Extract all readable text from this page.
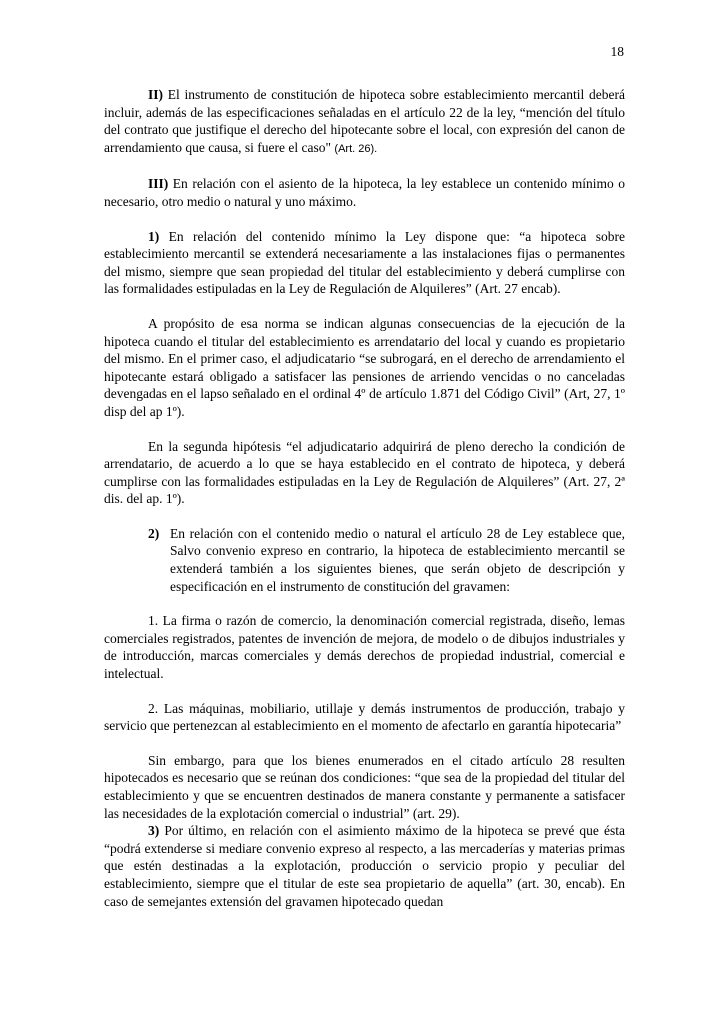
18

II) El instrumento de constitución de hipoteca sobre establecimiento mercantil deberá incluir, además de las especificaciones señaladas en el artículo 22 de la ley, “mención del título del contrato que justifique el derecho del hipotecante sobre el local, con expresión del canon de arrendamiento que causa, si fuere el caso" (Art. 26).

III) En relación con el asiento de la hipoteca, la ley establece un contenido mínimo o necesario, otro medio o natural y uno máximo.

1) En relación del contenido mínimo la Ley dispone que: “a hipoteca sobre establecimiento mercantil se extenderá necesariamente a las instalaciones fijas o permanentes del mismo, siempre que sean propiedad del titular del establecimiento y deberá cumplirse con las formalidades estipuladas en la Ley de Regulación de Alquileres” (Art. 27 encab).

A propósito de esa norma se indican algunas consecuencias de la ejecución de la hipoteca cuando el titular del establecimiento es arrendatario del local y cuando es propietario del mismo. En el primer caso, el adjudicatario “se subrogará, en el derecho de arrendamiento el hipotecante estará obligado a satisfacer las pensiones de arriendo vencidas o no canceladas devengadas en el lapso señalado en el ordinal 4º de artículo 1.871 del Código Civil” (Art, 27, 1º disp del ap 1º).

En la segunda hipótesis “el adjudicatario adquirirá de pleno derecho la condición de arrendatario, de acuerdo a lo que se haya establecido en el contrato de hipoteca, y deberá cumplirse con las formalidades estipuladas en la Ley de Regulación de Alquileres” (Art. 27, 2ª dis. del ap. 1º).

2) En relación con el contenido medio o natural el artículo 28 de Ley establece que, Salvo convenio expreso en contrario, la hipoteca de establecimiento mercantil se extenderá también a los siguientes bienes, que serán objeto de descripción y especificación en el instrumento de constitución del gravamen:

1. La firma o razón de comercio, la denominación comercial registrada, diseño, lemas comerciales registrados, patentes de invención de mejora, de modelo o de dibujos industriales y de introducción, marcas comerciales y demás derechos de propiedad industrial, comercial e intelectual.

2. Las máquinas, mobiliario, utillaje y demás instrumentos de producción, trabajo y servicio que pertenezcan al establecimiento en el momento de afectarlo en garantía hipotecaria”

Sin embargo, para que los bienes enumerados en el citado artículo 28 resulten hipotecados es necesario que se reúnan dos condiciones: “que sea de la propiedad del titular del establecimiento y que se encuentren destinados de manera constante y permanente a satisfacer las necesidades de la explotación comercial o industrial” (art. 29).

3) Por último, en relación con el asimiento máximo de la hipoteca se prevé que ésta “podrá extenderse si mediare convenio expreso al respecto, a las mercaderías y materias primas que estén destinadas a la explotación, producción o servicio propio y peculiar del establecimiento, siempre que el titular de este sea propietario de aquella” (art. 30, encab). En caso de semejantes extensión del gravamen hipotecado quedan
